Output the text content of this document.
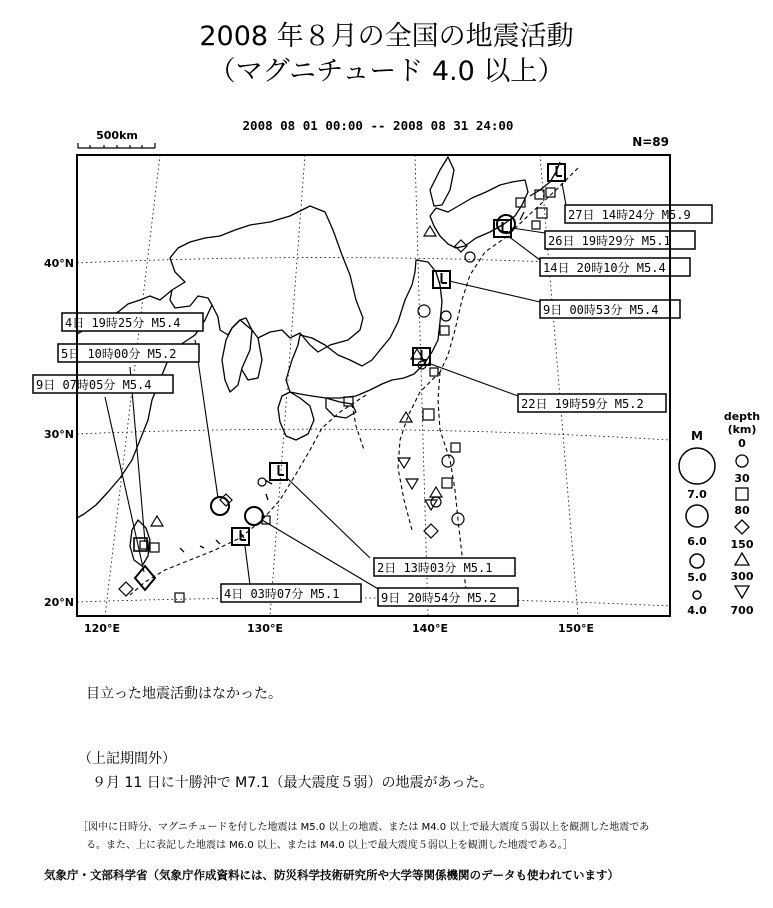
2008 年８月の全国の地震活動
（マグニチュード 4.0 以上）
2008 08 01 00:00 -- 2008 08 31 24:00
N=89
500km
27日 14時24分 M5.9
26日 19時29分 M5.1
14日 20時10分 M5.4
9日 00時53分 M5.4
22日 19時59分 M5.2
4日 19時25分 M5.4
5日 10時00分 M5.2
9日 07時05分 M5.4
2日 13時03分 M5.1
9日 20時54分 M5.2
4日 03時07分 M5.1
40°N
30°N
20°N
120°E	130°E	140°E	150°E
M
7.0
6.0
5.0
4.0
depth
(km)
0
30
80
150
300
700
目立った地震活動はなかった。
（上記期間外）
９月 11 日に十勝沖で M7.1（最大震度５弱）の地震があった。
［図中に日時分、マグニチュードを付した地震は M5.0 以上の地震、または M4.0 以上で最大震度５弱以上を観測した地震であ
る。また、上に表記した地震は M6.0 以上、または M4.0 以上で最大震度５弱以上を観測した地震である。］
気象庁・文部科学省（気象庁作成資料には、防災科学技術研究所や大学等関係機関のデータも使われています）
